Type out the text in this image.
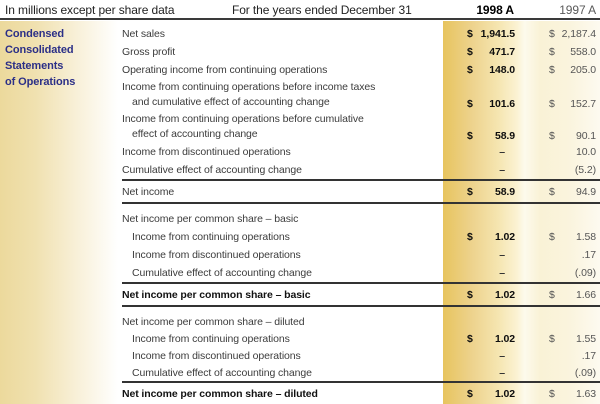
In millions except per share data	For the years ended December 31	1998 A	1997 A
Condensed
Consolidated
Statements
of Operations
Net sales	$ 1,941.5	$ 2,187.4
Gross profit	$ 471.7	$ 558.0
Operating income from continuing operations	$ 148.0	$ 205.0
Income from continuing operations before income taxes
and cumulative effect of accounting change	$ 101.6	$ 152.7
Income from continuing operations before cumulative
effect of accounting change	$ 58.9	$ 90.1
Income from discontinued operations	–	10.0
Cumulative effect of accounting change	–	(5.2)
Net income	$ 58.9	$ 94.9
Net income per common share – basic
Income from continuing operations	$ 1.02	$ 1.58
Income from discontinued operations	–	.17
Cumulative effect of accounting change	–	(.09)
Net income per common share – basic	$ 1.02	$ 1.66
Net income per common share – diluted
Income from continuing operations	$ 1.02	$ 1.55
Income from discontinued operations	–	.17
Cumulative effect of accounting change	–	(.09)
Net income per common share – diluted	$ 1.02	$ 1.63
